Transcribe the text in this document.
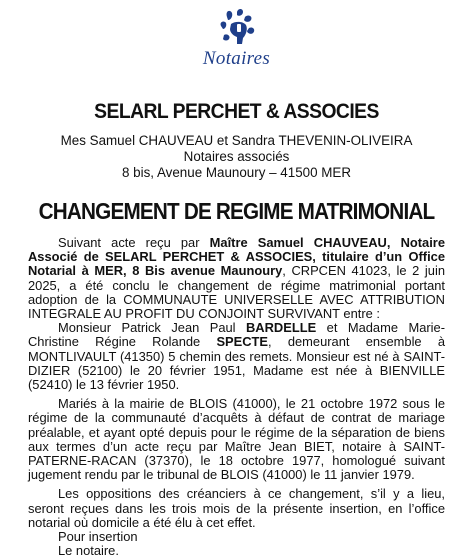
Notaires
SELARL PERCHET & ASSOCIES
Mes Samuel CHAUVEAU et Sandra THEVENIN-OLIVEIRA
Notaires associés
8 bis, Avenue Maunoury – 41500 MER
CHANGEMENT DE REGIME MATRIMONIAL

Suivant acte reçu par Maître Samuel CHAUVEAU, Notaire Associé de SELARL PERCHET & ASSOCIES, titulaire d’un Office Notarial à MER, 8 Bis avenue Maunoury, CRPCEN 41023, le 2 juin 2025, a été conclu le changement de régime matrimonial portant adoption de la COMMUNAUTE UNIVERSELLE AVEC ATTRIBUTION INTEGRALE AU PROFIT DU CONJOINT SURVIVANT entre :

Monsieur Patrick Jean Paul BARDELLE et Madame Marie-Christine Régine Rolande SPECTE, demeurant ensemble à MONTLIVAULT (41350) 5 chemin des remets. Monsieur est né à SAINT-DIZIER (52100) le 20 février 1951, Madame est née à BIENVILLE (52410) le 13 février 1950.

Mariés à la mairie de BLOIS (41000), le 21 octobre 1972 sous le régime de la communauté d’acquêts à défaut de contrat de mariage préalable, et ayant opté depuis pour le régime de la séparation de biens aux termes d’un acte reçu par Maître Jean BIET, notaire à SAINT-PATERNE-RACAN (37370), le 18 octobre 1977, homologué suivant jugement rendu par le tribunal de BLOIS (41000) le 11 janvier 1979.

Les oppositions des créanciers à ce changement, s’il y a lieu, seront reçues dans les trois mois de la présente insertion, en l’office notarial où domicile a été élu à cet effet.

Pour insertion

Le notaire.
